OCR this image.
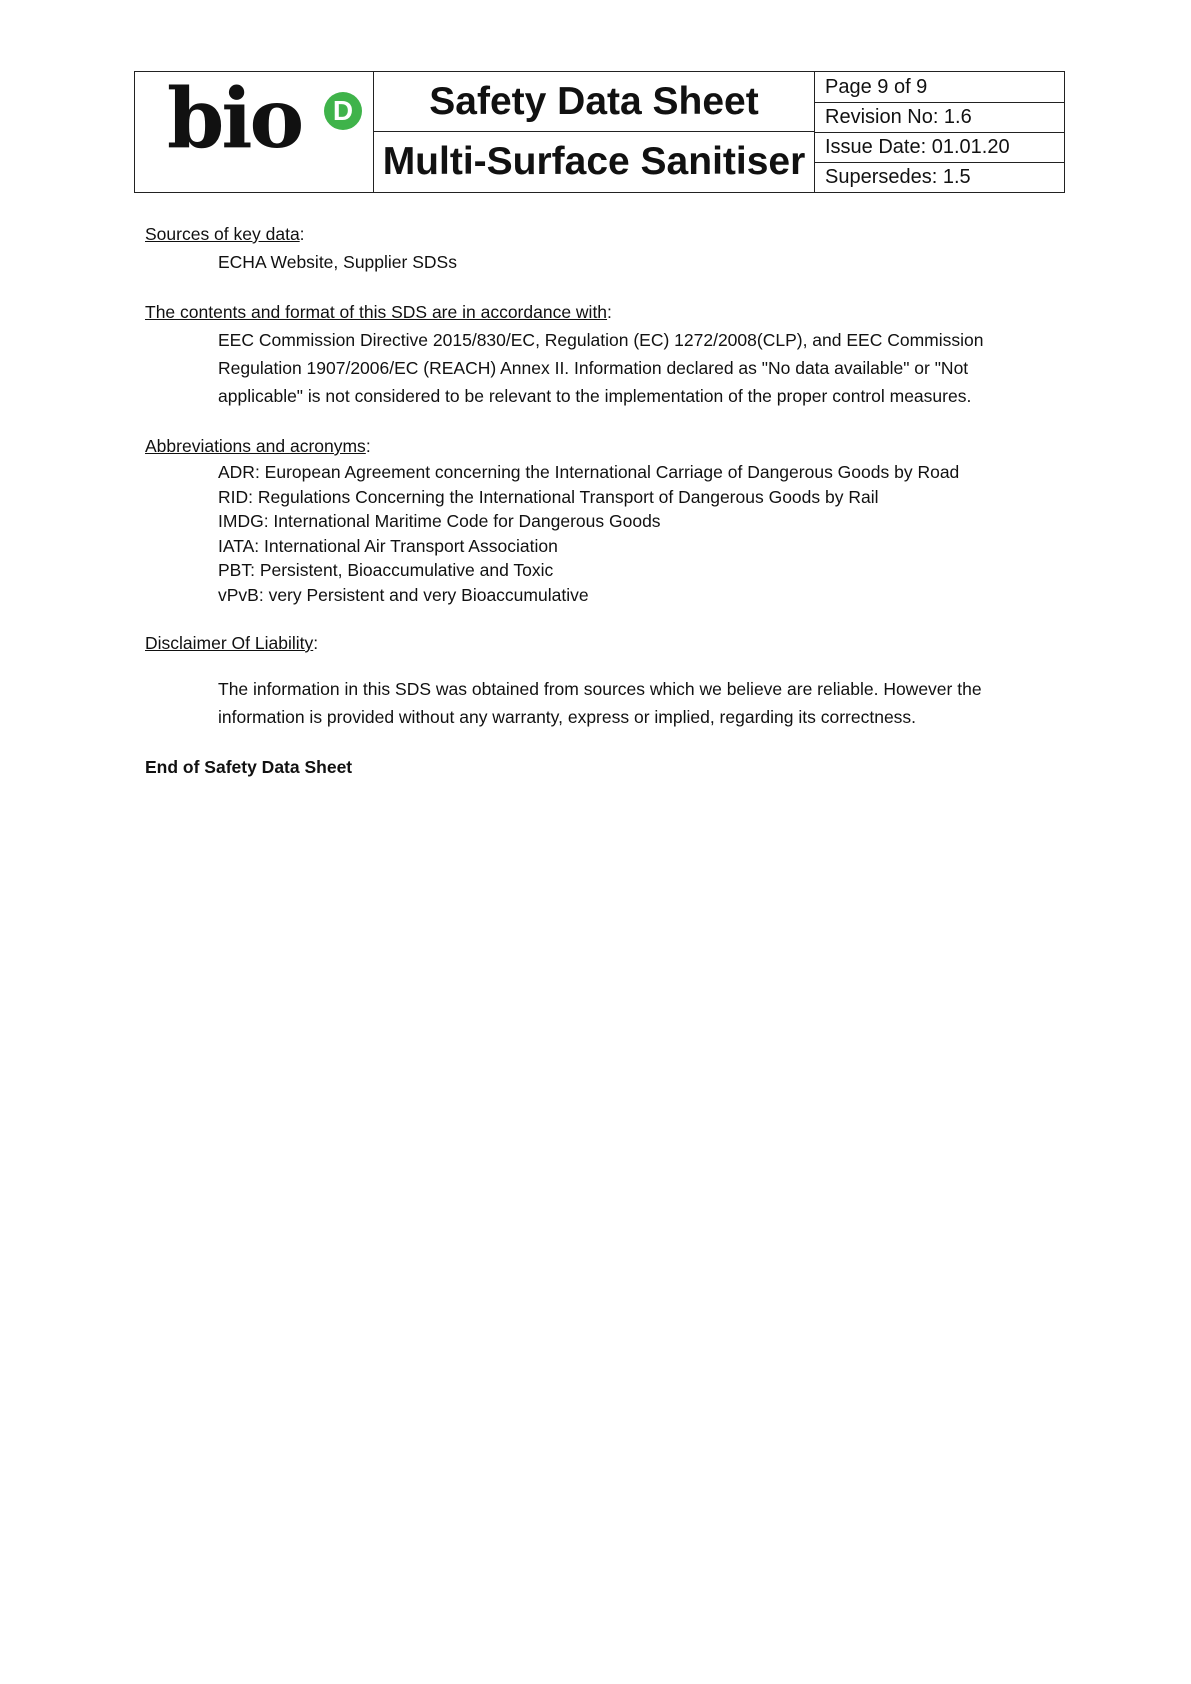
bio	D	Safety Data Sheet
Multi-Surface Sanitiser
Page 9 of 9
Revision No: 1.6
Issue Date: 01.01.20
Supersedes: 1.5

Sources of key data:

ECHA Website, Supplier SDSs

The contents and format of this SDS are in accordance with:

EEC Commission Directive 2015/830/EC, Regulation (EC) 1272/2008(CLP), and EEC Commission

Regulation 1907/2006/EC (REACH) Annex II. Information declared as "No data available" or "Not

applicable" is not considered to be relevant to the implementation of the proper control measures.

Abbreviations and acronyms:

ADR: European Agreement concerning the International Carriage of Dangerous Goods by Road
RID: Regulations Concerning the International Transport of Dangerous Goods by Rail
IMDG: International Maritime Code for Dangerous Goods
IATA: International Air Transport Association
PBT: Persistent, Bioaccumulative and Toxic
vPvB: very Persistent and very Bioaccumulative

Disclaimer Of Liability:

The information in this SDS was obtained from sources which we believe are reliable. However the

information is provided without any warranty, express or implied, regarding its correctness.

End of Safety Data Sheet
